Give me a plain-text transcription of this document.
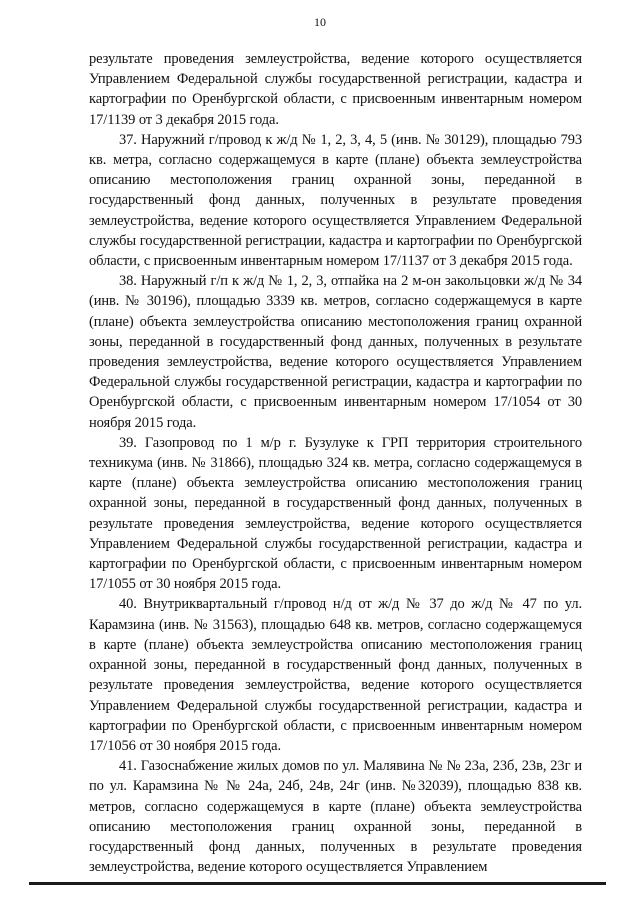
10

результате проведения землеустройства, ведение которого осуществляется Управлением Федеральной службы государственной регистрации, кадастра и картографии по Оренбургской области, с присвоенным инвентарным номером 17/1139 от 3 декабря 2015 года.

37. Наружний г/провод к ж/д № 1, 2, 3, 4, 5 (инв. № 30129), площадью 793 кв. метра, согласно содержащемуся в карте (плане) объекта землеустройства описанию местоположения границ охранной зоны, переданной в государственный фонд данных, полученных в результате проведения землеустройства, ведение которого осуществляется Управлением Федеральной службы государственной регистрации, кадастра и картографии по Оренбургской области, с присвоенным инвентарным номером 17/1137 от 3 декабря 2015 года.

38. Наружный г/п к ж/д № 1, 2, 3, отпайка на 2 м-он закольцовки ж/д № 34 (инв. № 30196), площадью 3339 кв. метров, согласно содержащемуся в карте (плане) объекта землеустройства описанию местоположения границ охранной зоны, переданной в государственный фонд данных, полученных в результате проведения землеустройства, ведение которого осуществляется Управлением Федеральной службы государственной регистрации, кадастра и картографии по Оренбургской области, с присвоенным инвентарным номером 17/1054 от 30 ноября 2015 года.

39. Газопровод по 1 м/р г. Бузулуке к ГРП территория строительного техникума (инв. № 31866), площадью 324 кв. метра, согласно содержащемуся в карте (плане) объекта землеустройства описанию местоположения границ охранной зоны, переданной в государственный фонд данных, полученных в результате проведения землеустройства, ведение которого осуществляется Управлением Федеральной службы государственной регистрации, кадастра и картографии по Оренбургской области, с присвоенным инвентарным номером 17/1055 от 30 ноября 2015 года.

40. Внутриквартальный г/провод н/д от ж/д № 37 до ж/д № 47 по ул. Карамзина (инв. № 31563), площадью 648 кв. метров, согласно содержащемуся в карте (плане) объекта землеустройства описанию местоположения границ охранной зоны, переданной в государственный фонд данных, полученных в результате проведения землеустройства, ведение которого осуществляется Управлением Федеральной службы государственной регистрации, кадастра и картографии по Оренбургской области, с присвоенным инвентарным номером 17/1056 от 30 ноября 2015 года.

41. Газоснабжение жилых домов по ул. Малявина № № 23а, 23б, 23в, 23г и по ул. Карамзина № № 24а, 24б, 24в, 24г (инв. №32039), площадью 838 кв. метров, согласно содержащемуся в карте (плане) объекта землеустройства описанию местоположения границ охранной зоны, переданной в государственный фонд данных, полученных в результате проведения землеустройства, ведение которого осуществляется Управлением
